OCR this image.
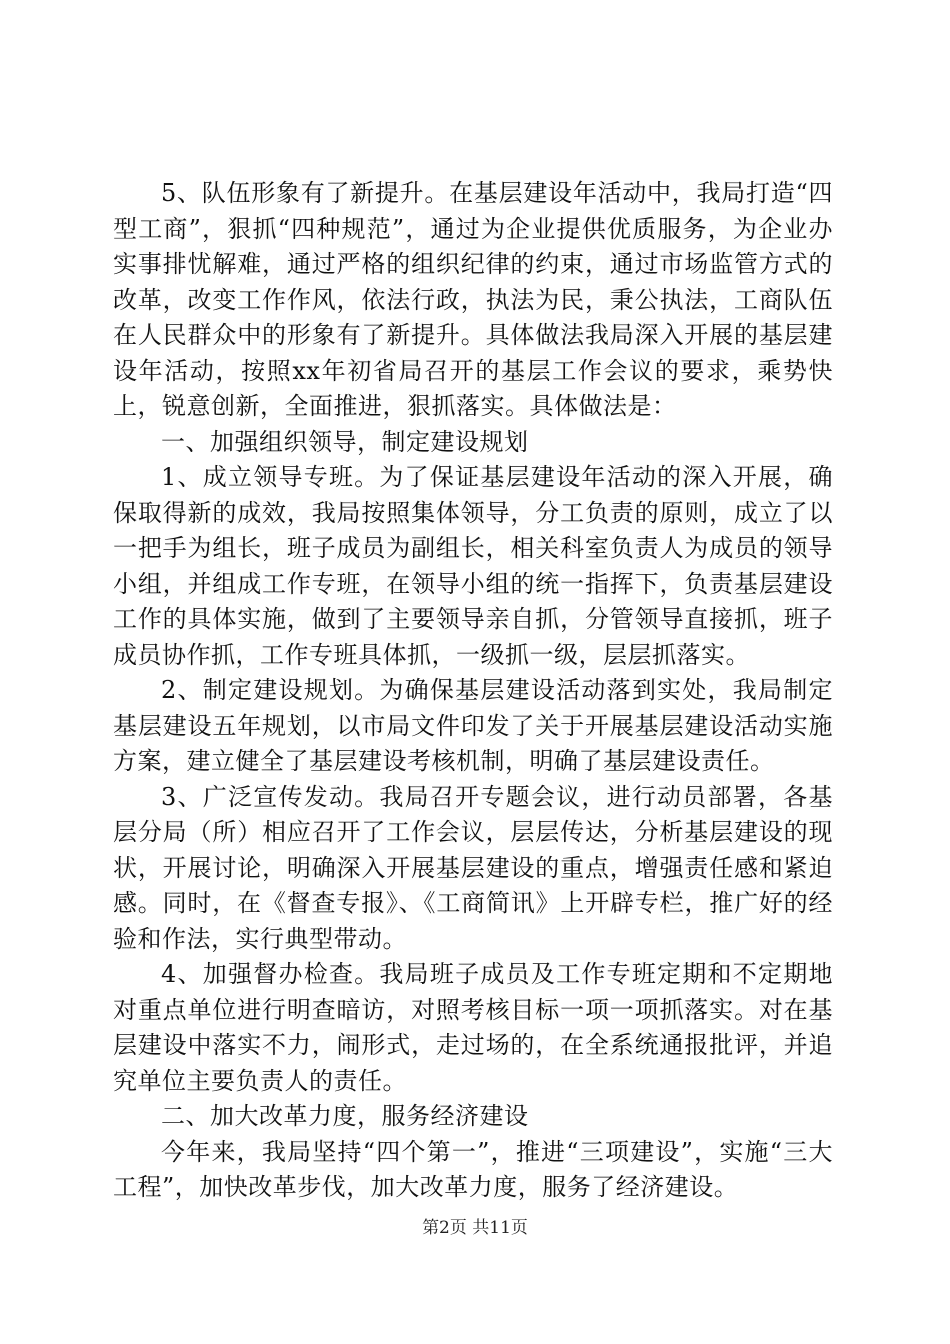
5、队伍形象有了新提升。在基层建设年活动中，我局打造“四型工商”，狠抓“四种规范”，通过为企业提供优质服务，为企业办实事排忧解难，通过严格的组织纪律的约束，通过市场监管方式的改革，改变工作作风，依法行政，执法为民，秉公执法，工商队伍在人民群众中的形象有了新提升。具体做法我局深入开展的基层建设年活动，按照xx年初省局召开的基层工作会议的要求，乘势快上，锐意创新，全面推进，狠抓落实。具体做法是：

一、加强组织领导，制定建设规划

1、成立领导专班。为了保证基层建设年活动的深入开展，确保取得新的成效，我局按照集体领导，分工负责的原则，成立了以一把手为组长，班子成员为副组长，相关科室负责人为成员的领导小组，并组成工作专班，在领导小组的统一指挥下，负责基层建设工作的具体实施，做到了主要领导亲自抓，分管领导直接抓，班子成员协作抓，工作专班具体抓，一级抓一级，层层抓落实。

2、制定建设规划。为确保基层建设活动落到实处，我局制定基层建设五年规划，以市局文件印发了关于开展基层建设活动实施方案，建立健全了基层建设考核机制，明确了基层建设责任。

3、广泛宣传发动。我局召开专题会议，进行动员部署，各基层分局（所）相应召开了工作会议，层层传达，分析基层建设的现状，开展讨论，明确深入开展基层建设的重点，增强责任感和紧迫感。同时，在《督查专报》、《工商简讯》上开辟专栏，推广好的经验和作法，实行典型带动。

4、加强督办检查。我局班子成员及工作专班定期和不定期地对重点单位进行明查暗访，对照考核目标一项一项抓落实。对在基层建设中落实不力，闹形式，走过场的，在全系统通报批评，并追究单位主要负责人的责任。

二、加大改革力度，服务经济建设

今年来，我局坚持“四个第一”，推进“三项建设”，实施“三大工程”，加快改革步伐，加大改革力度，服务了经济建设。

第2页 共11页
